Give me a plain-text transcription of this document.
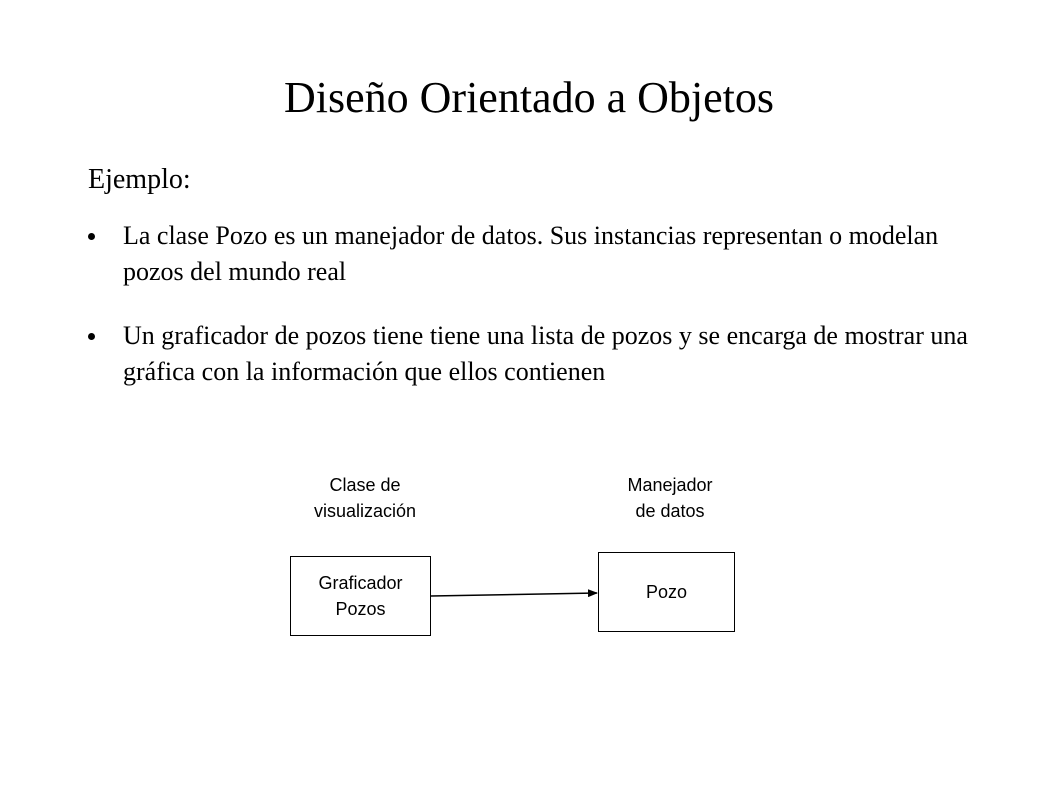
Diseño Orientado a Objetos
Ejemplo:
La clase Pozo es un manejador de datos. Sus instancias representan o modelan pozos del mundo real
Un graficador de pozos tiene tiene una lista de pozos y se encarga de mostrar una gráfica con la información que ellos contienen
Clase de
visualización
Manejador
de datos
Graficador
Pozos
Pozo
